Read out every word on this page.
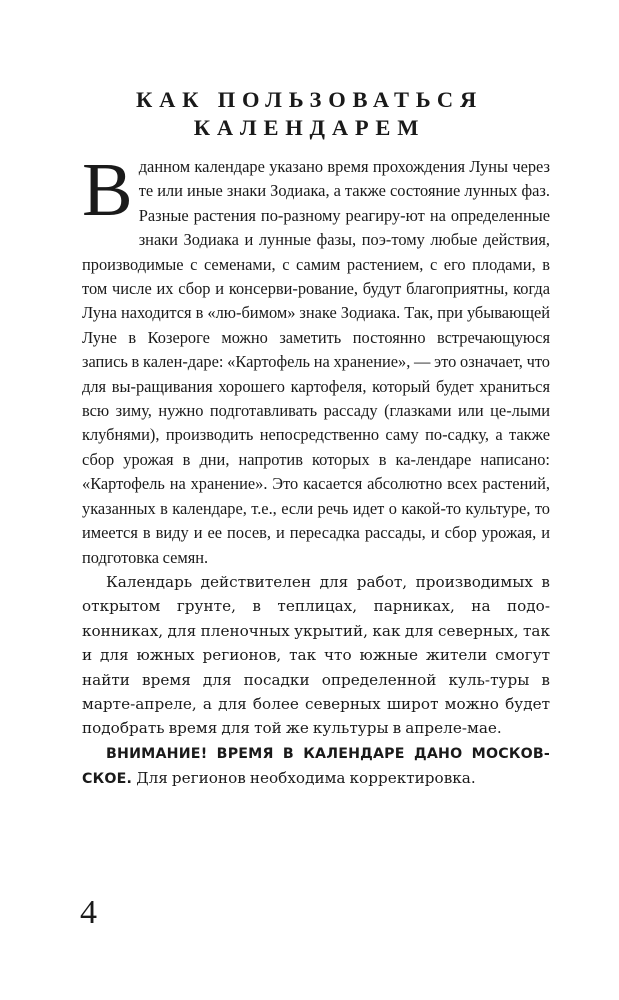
КАК ПОЛЬЗОВАТЬСЯ
КАЛЕНДАРЕМ

Вданном календаре указано время прохождения Луны через те или иные знаки Зодиака, а также состояние лунных фаз. Разные растения по-разному реагиру-ют на определенные знаки Зодиака и лунные фазы, поэ-тому любые действия, производимые с семенами, с самим растением, с его плодами, в том числе их сбор и консерви-рование, будут благоприятны, когда Луна находится в «лю-бимом» знаке Зодиака. Так, при убывающей Луне в Козероге можно заметить постоянно встречающуюся запись в кален-даре: «Картофель на хранение», — это означает, что для вы-ращивания хорошего картофеля, который будет храниться всю зиму, нужно подготавливать рассаду (глазками или це-лыми клубнями), производить непосредственно саму по-садку, а также сбор урожая в дни, напротив которых в ка-лендаре написано: «Картофель на хранение». Это касается абсолютно всех растений, указанных в календаре, т.е., если речь идет о какой-то культуре, то имеется в виду и ее посев, и пересадка рассады, и сбор урожая, и подготовка семян.

Календарь действителен для работ, производимых в открытом грунте, в теплицах, парниках, на подо-конниках, для пленочных укрытий, как для северных, так и для южных регионов, так что южные жители смогут найти время для посадки определенной куль-туры в марте-апреле, а для более северных широт можно будет подобрать время для той же культуры в апреле-мае.

ВНИМАНИЕ! ВРЕМЯ В КАЛЕНДАРЕ ДАНО МОСКОВ-СКОЕ. Для регионов необходима корректировка.

4
